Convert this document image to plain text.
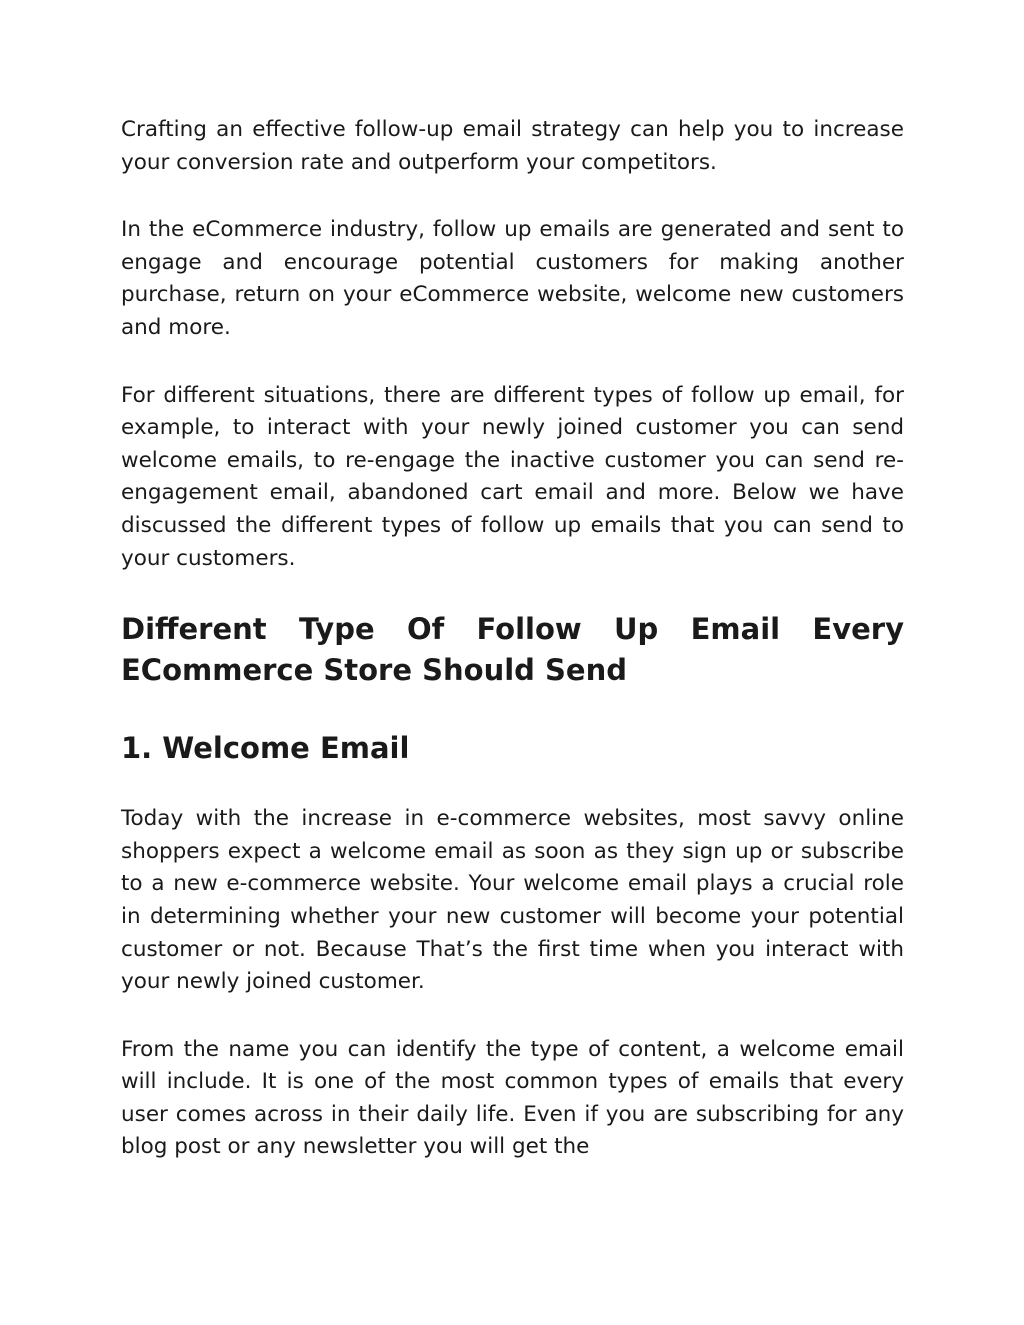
Crafting an effective follow-up email strategy can help you to increase your conversion rate and outperform your competitors.

In the eCommerce industry, follow up emails are generated and sent to engage and encourage potential customers for making another purchase, return on your eCommerce website, welcome new customers and more.

For different situations, there are different types of follow up email, for example, to interact with your newly joined customer you can send welcome emails, to re-engage the inactive customer you can send re-engagement email, abandoned cart email and more. Below we have discussed the different types of follow up emails that you can send to your customers.

Different Type Of Follow Up Email Every ECommerce Store Should Send
1. Welcome Email

Today with the increase in e-commerce websites, most savvy online shoppers expect a welcome email as soon as they sign up or subscribe to a new e-commerce website. Your welcome email plays a crucial role in determining whether your new customer will become your potential customer or not. Because That’s the first time when you interact with your newly joined customer.

From the name you can identify the type of content, a welcome email will include. It is one of the most common types of emails that every user comes across in their daily life. Even if you are subscribing for any blog post or any newsletter you will get the
